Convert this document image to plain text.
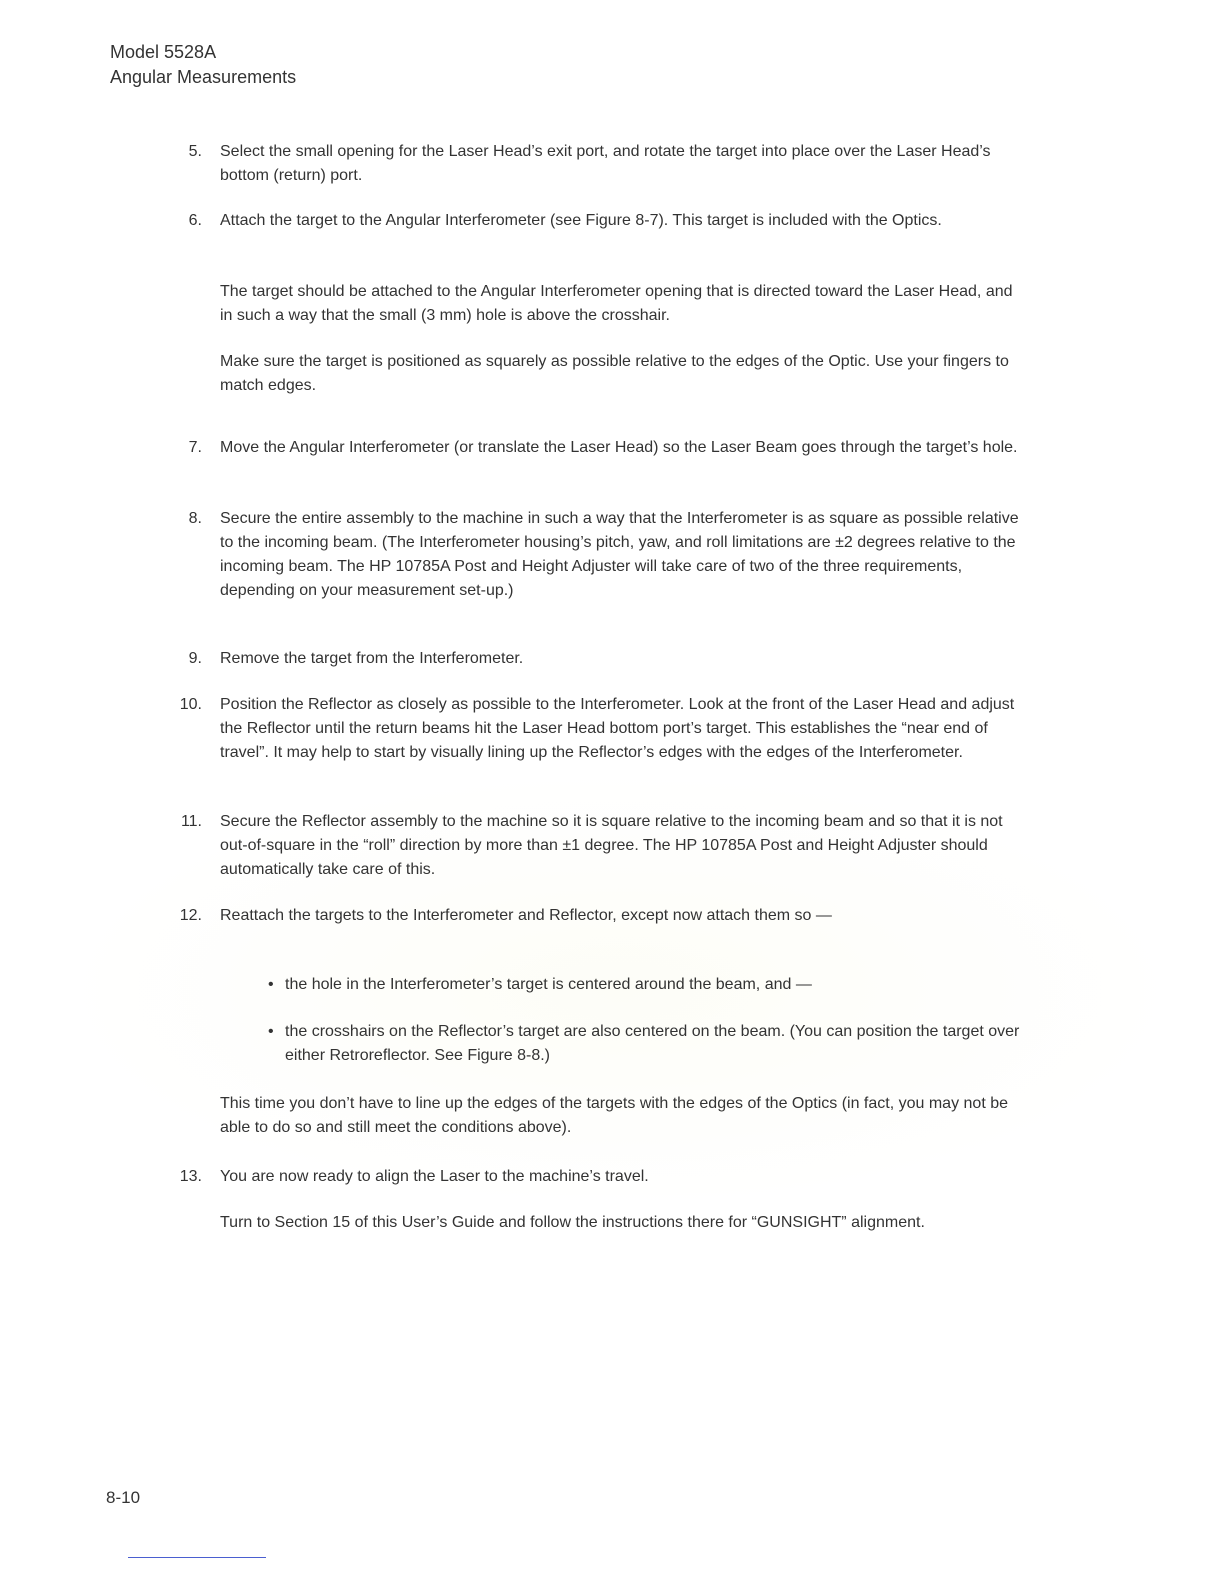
Model 5528A
Angular Measurements
5. Select the small opening for the Laser Head’s exit port, and rotate the target into place over the Laser Head’s bottom (return) port.
6. Attach the target to the Angular Interferometer (see Figure 8-7). This target is included with the Optics.
The target should be attached to the Angular Interferometer opening that is directed toward the Laser Head, and in such a way that the small (3 mm) hole is above the crosshair.
Make sure the target is positioned as squarely as possible relative to the edges of the Optic. Use your fingers to match edges.
7. Move the Angular Interferometer (or translate the Laser Head) so the Laser Beam goes through the target’s hole.
8. Secure the entire assembly to the machine in such a way that the Interferometer is as square as possible relative to the incoming beam. (The Interferometer housing’s pitch, yaw, and roll limitations are ±2 degrees relative to the incoming beam. The HP 10785A Post and Height Adjuster will take care of two of the three requirements, depending on your measurement set-up.)
9. Remove the target from the Interferometer.
10. Position the Reflector as closely as possible to the Interferometer. Look at the front of the Laser Head and adjust the Reflector until the return beams hit the Laser Head bottom port’s target. This establishes the “near end of travel”. It may help to start by visually lining up the Reflector’s edges with the edges of the Interferometer.
11. Secure the Reflector assembly to the machine so it is square relative to the incoming beam and so that it is not out-of-square in the “roll” direction by more than ±1 degree. The HP 10785A Post and Height Adjuster should automatically take care of this.
12. Reattach the targets to the Interferometer and Reflector, except now attach them so —
• the hole in the Interferometer’s target is centered around the beam, and —
• the crosshairs on the Reflector’s target are also centered on the beam. (You can position the target over either Retroreflector. See Figure 8-8.)
This time you don’t have to line up the edges of the targets with the edges of the Optics (in fact, you may not be able to do so and still meet the conditions above).
13. You are now ready to align the Laser to the machine’s travel.
Turn to Section 15 of this User’s Guide and follow the instructions there for “GUNSIGHT” alignment.
8-10
